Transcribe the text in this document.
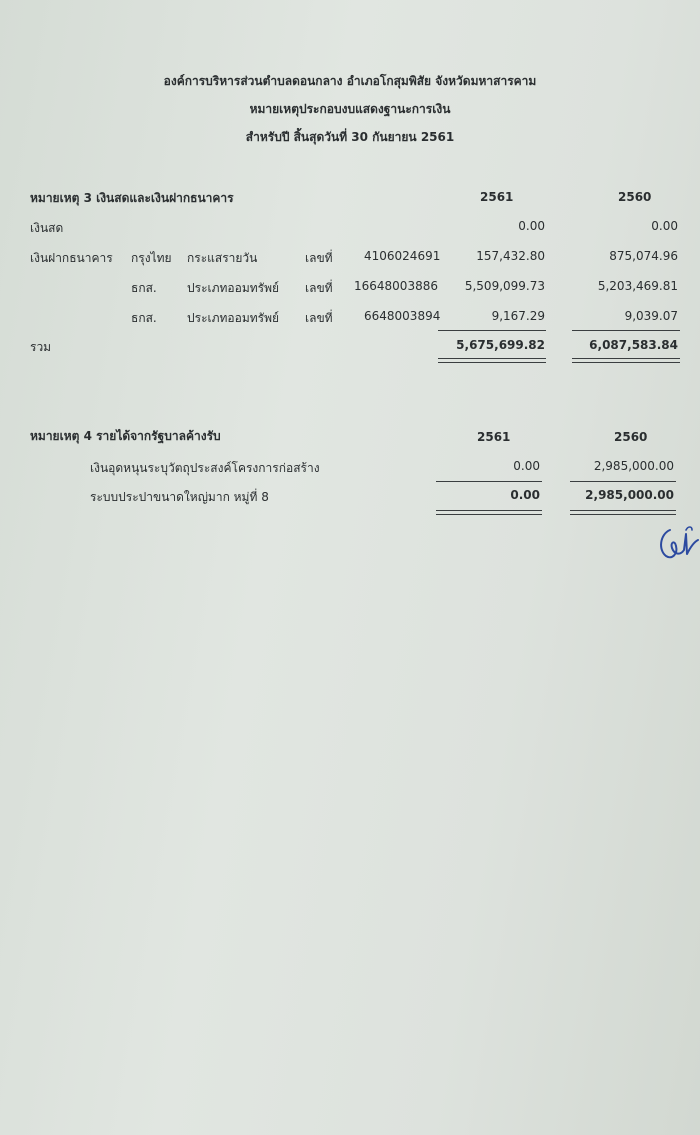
องค์การบริหารส่วนตำบลดอนกลาง อำเภอโกสุมพิสัย จังหวัดมหาสารคาม
หมายเหตุประกอบงบแสดงฐานะการเงิน
สำหรับปี สิ้นสุดวันที่ 30 กันยายน 2561
หมายเหตุ 3 เงินสดและเงินฝากธนาคาร	2561	2560
เงินสด	0.00	0.00
เงินฝากธนาคาร กรุงไทย กระแสรายวัน	เลขที่	4106024691	157,432.80	875,074.96
ธกส.	ประเภทออมทรัพย์ เลขที่ 16648003886	5,509,099.73	5,203,469.81
ธกส.	ประเภทออมทรัพย์ เลขที่	6648003894	9,167.29	9,039.07
รวม	5,675,699.82	6,087,583.84
หมายเหตุ 4 รายได้จากรัฐบาลค้างรับ	2561	2560
เงินอุดหนุนระบุวัตถุประสงค์โครงการก่อสร้าง	0.00	2,985,000.00
ระบบประปาขนาดใหญ่มาก หมู่ที่ 8	0.00	2,985,000.00
